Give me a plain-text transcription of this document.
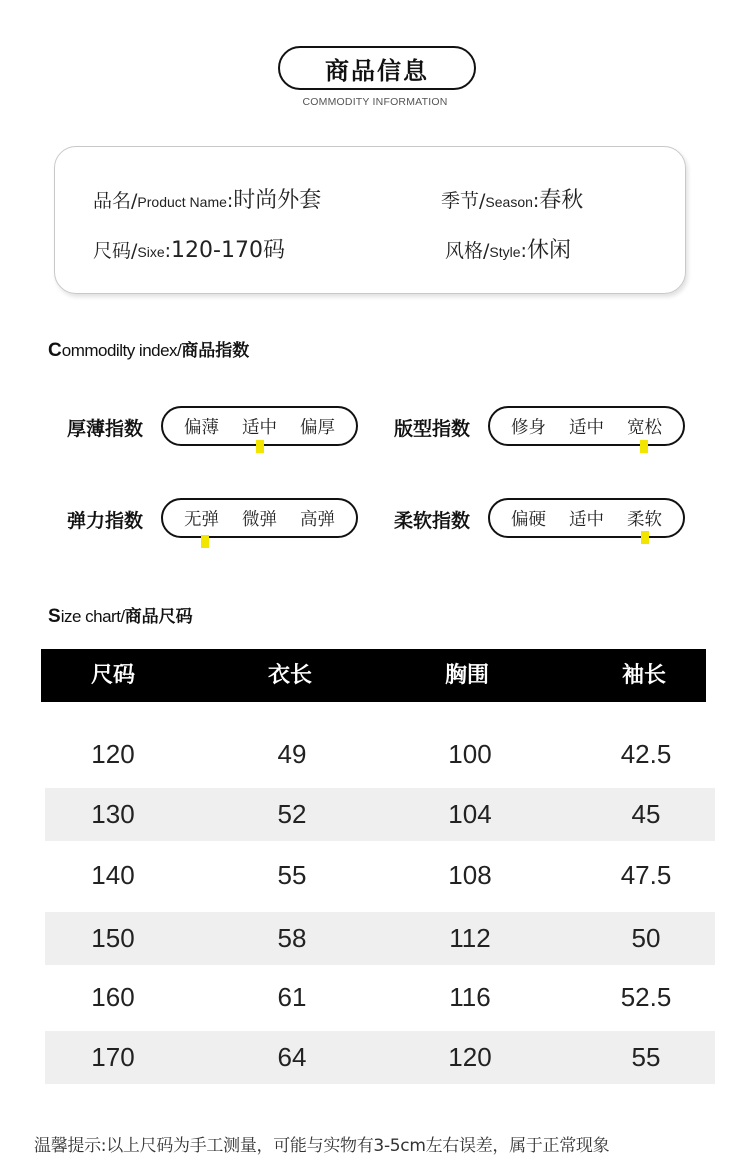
商品信息
COMMODITY INFORMATION
品名/ Product Name : 时尚外套	季节/ Season : 春秋
尺码/ Sixe : 120-170码	风格/ Style : 休闲
C ommodilty index/ 商品指数
厚薄指数 偏薄 适中 偏厚	版型指数 修身 适中 宽松
弹力指数 无弹 微弹 高弹	柔软指数 偏硬 适中 柔软
S ize chart/ 商品尺码
尺码	衣长	胸围	袖长
120	49	100	42.5
130	52	104	45
140	55	108	47.5
150	58	112	50
160	61	116	52.5
170	64	120	55
温馨提示:以上尺码为手工测量，可能与实物有3-5cm左右误差，属于正常现象
